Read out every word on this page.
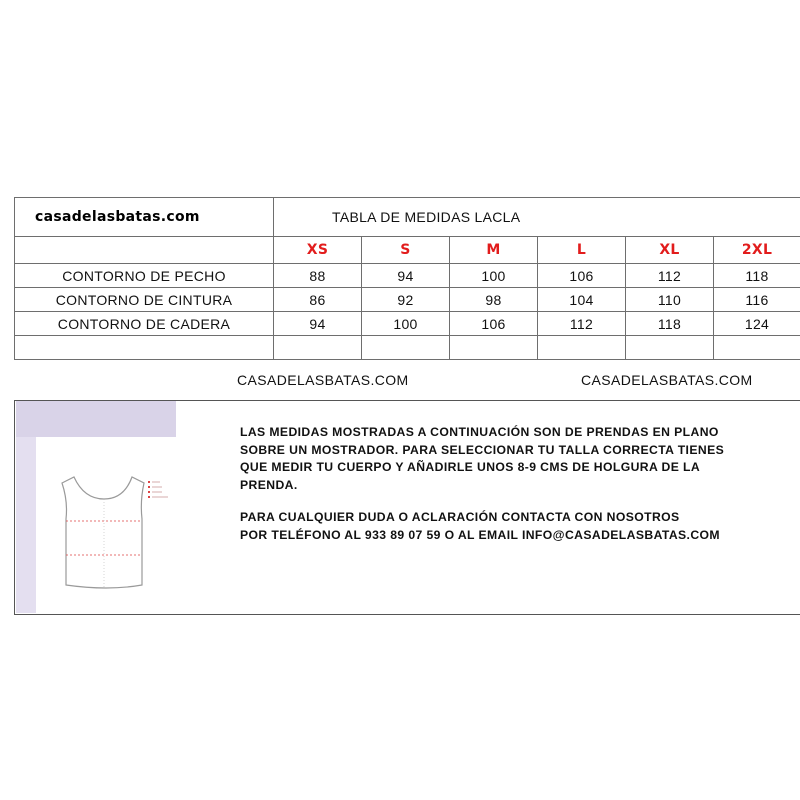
casadelasbatas.com	TABLA DE MEDIDAS LACLA					
	XS	S	M	L	XL	2XL
CONTORNO DE PECHO	88	94	100	106	112	118
CONTORNO DE CINTURA	86	92	98	104	110	116
CONTORNO DE CADERA	94	100	106	112	118	124

CASADELASBATAS.COM	CASADELASBATAS.COM

LAS MEDIDAS MOSTRADAS A CONTINUACIÓN SON DE PRENDAS EN PLANO
SOBRE UN MOSTRADOR. PARA SELECCIONAR TU TALLA CORRECTA TIENES
QUE MEDIR TU CUERPO Y AÑADIRLE UNOS 8-9 CMS DE HOLGURA DE LA
PRENDA.

PARA CUALQUIER DUDA O ACLARACIÓN CONTACTA CON NOSOTROS
POR TELÉFONO AL 933 89 07 59 O AL EMAIL INFO@CASADELASBATAS.COM
